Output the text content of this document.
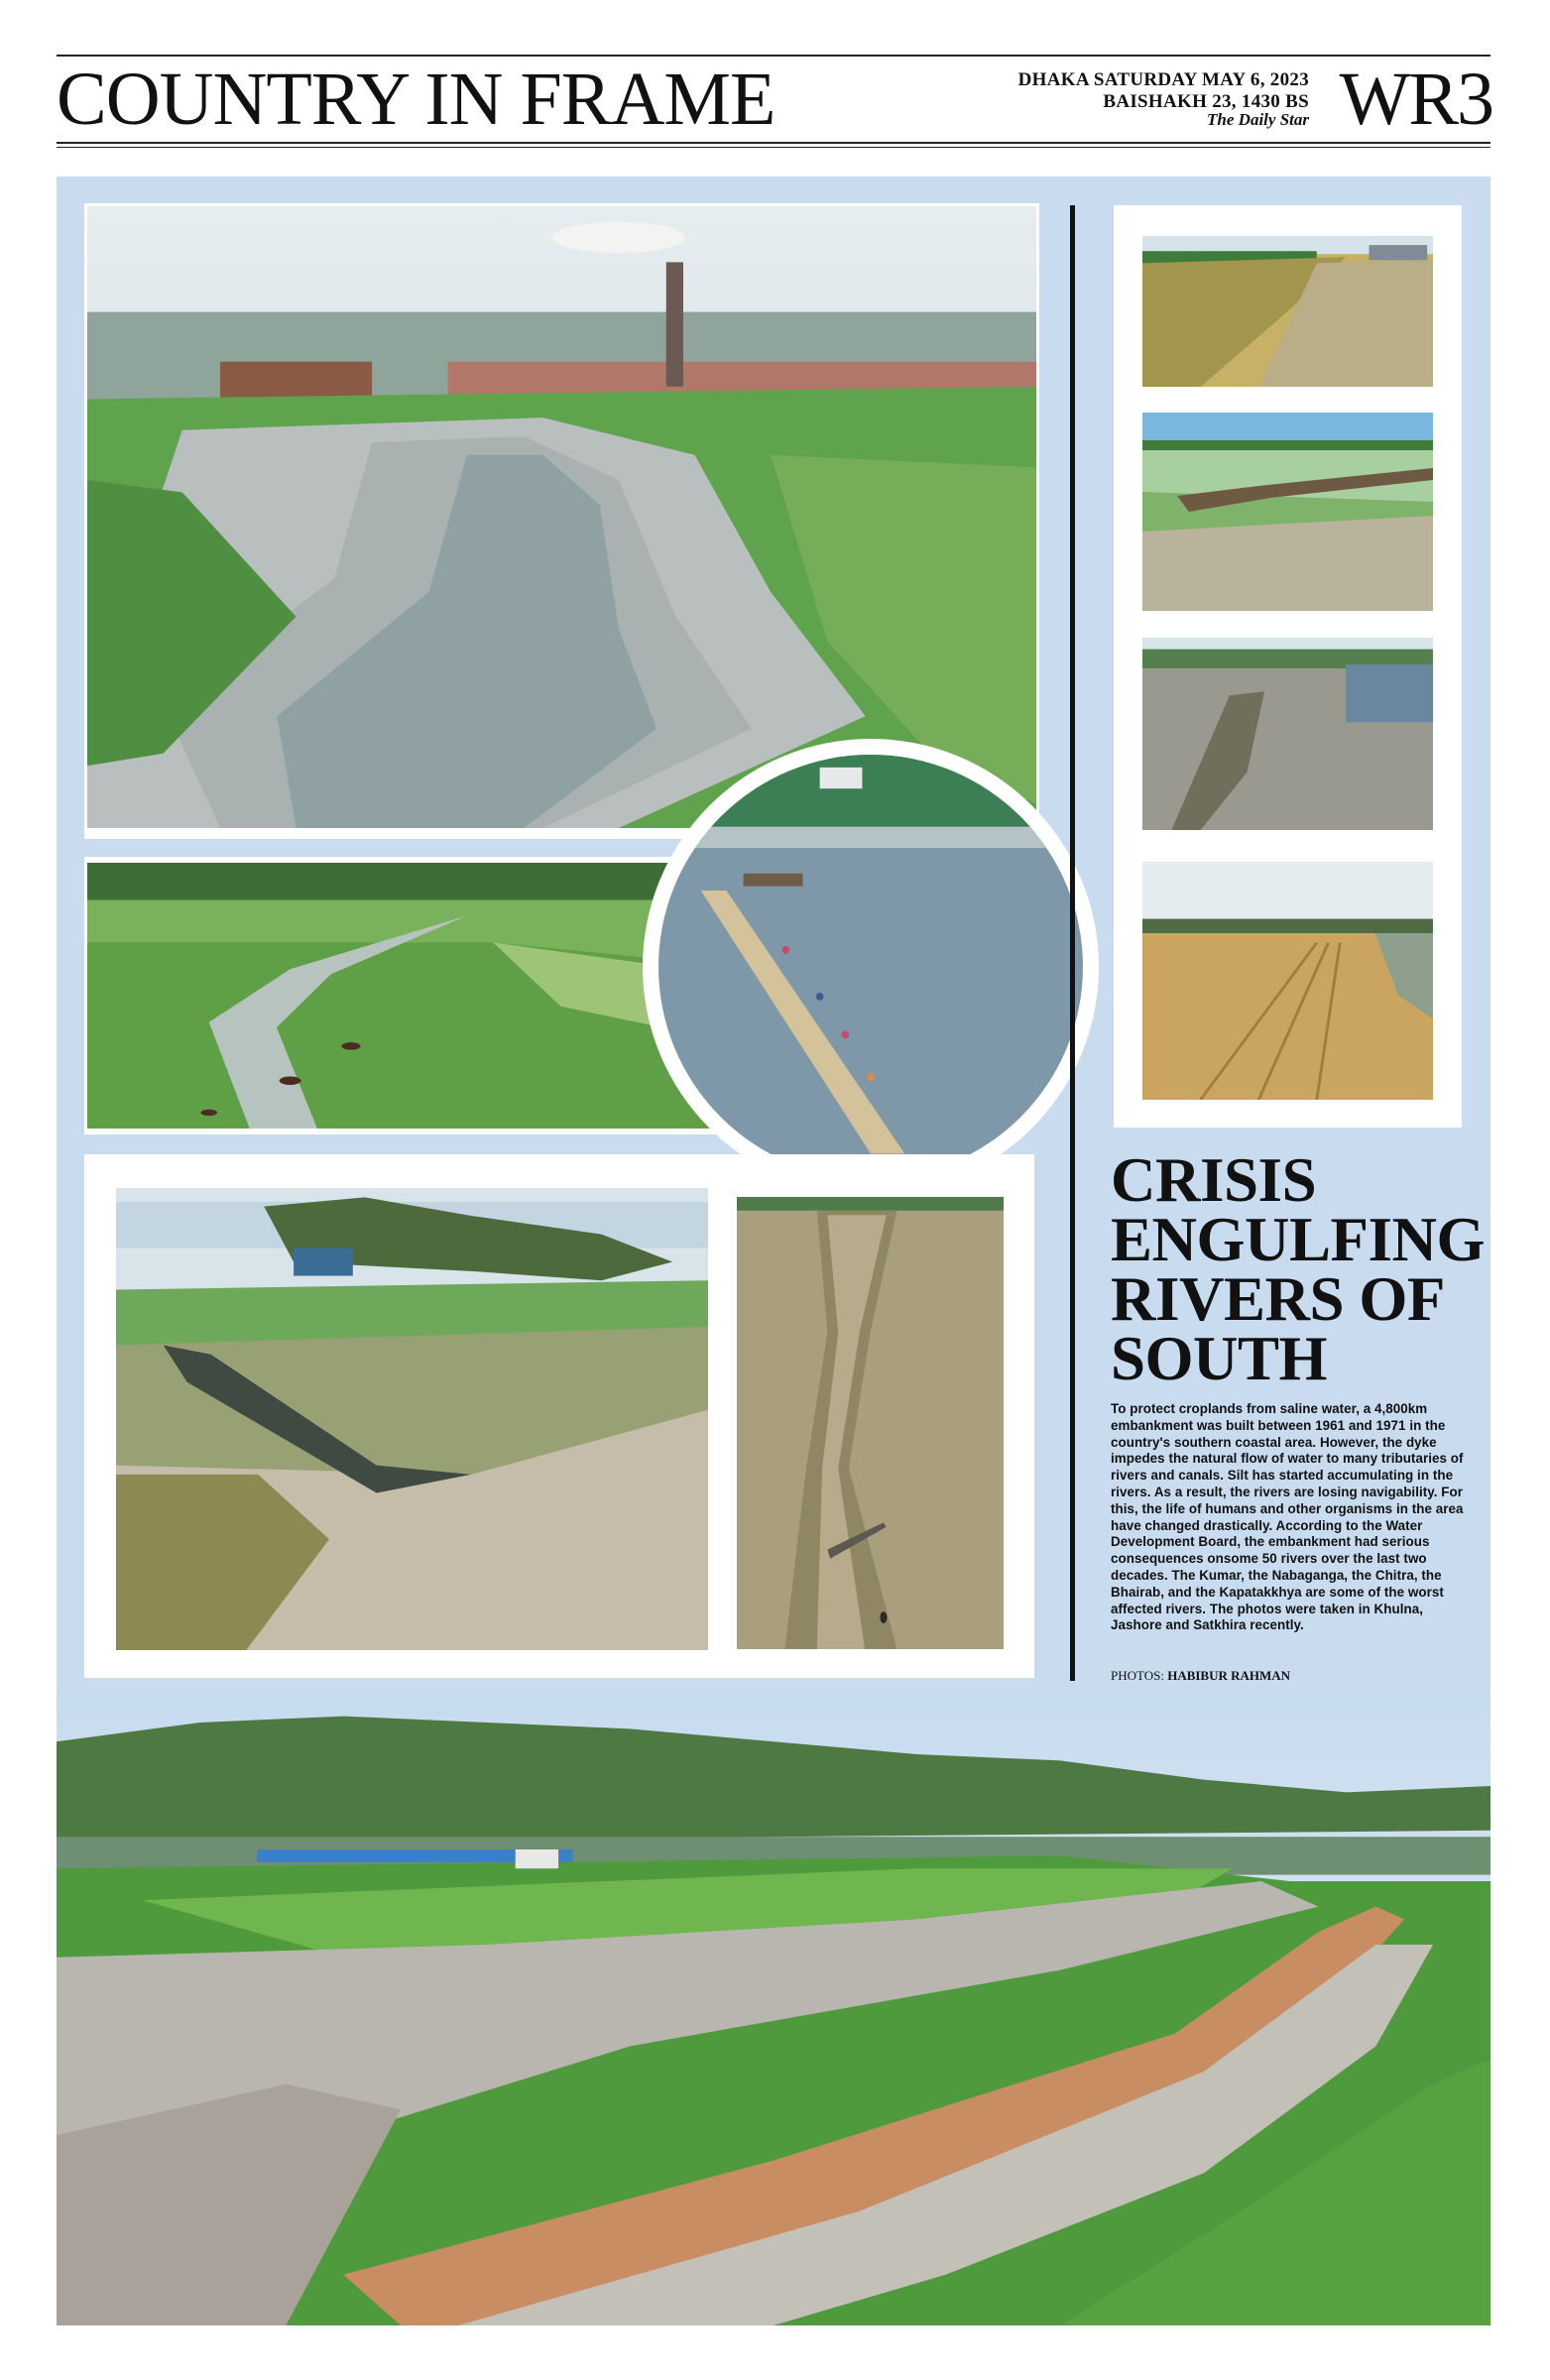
COUNTRY IN FRAME	DHAKA SATURDAY MAY 6, 2023
BAISHAKH 23, 1430 BS
The Daily Star WR3
CRISIS ENGULFING RIVERS OF SOUTH

To protect croplands from saline water, a 4,800km embankment was built between 1961 and 1971 in the country's southern coastal area. However, the dyke impedes the natural flow of water to many tributaries of rivers and canals. Silt has started accumulating in the rivers. As a result, the rivers are losing navigability. For this, the life of humans and other organisms in the area have changed drastically. According to the Water Development Board, the embankment had serious consequences onsome 50 rivers over the last two decades. The Kumar, the Nabaganga, the Chitra, the Bhairab, and the Kapatakkhya are some of the worst affected rivers. The photos were taken in Khulna, Jashore and Satkhira recently.

PHOTOS: HABIBUR RAHMAN
